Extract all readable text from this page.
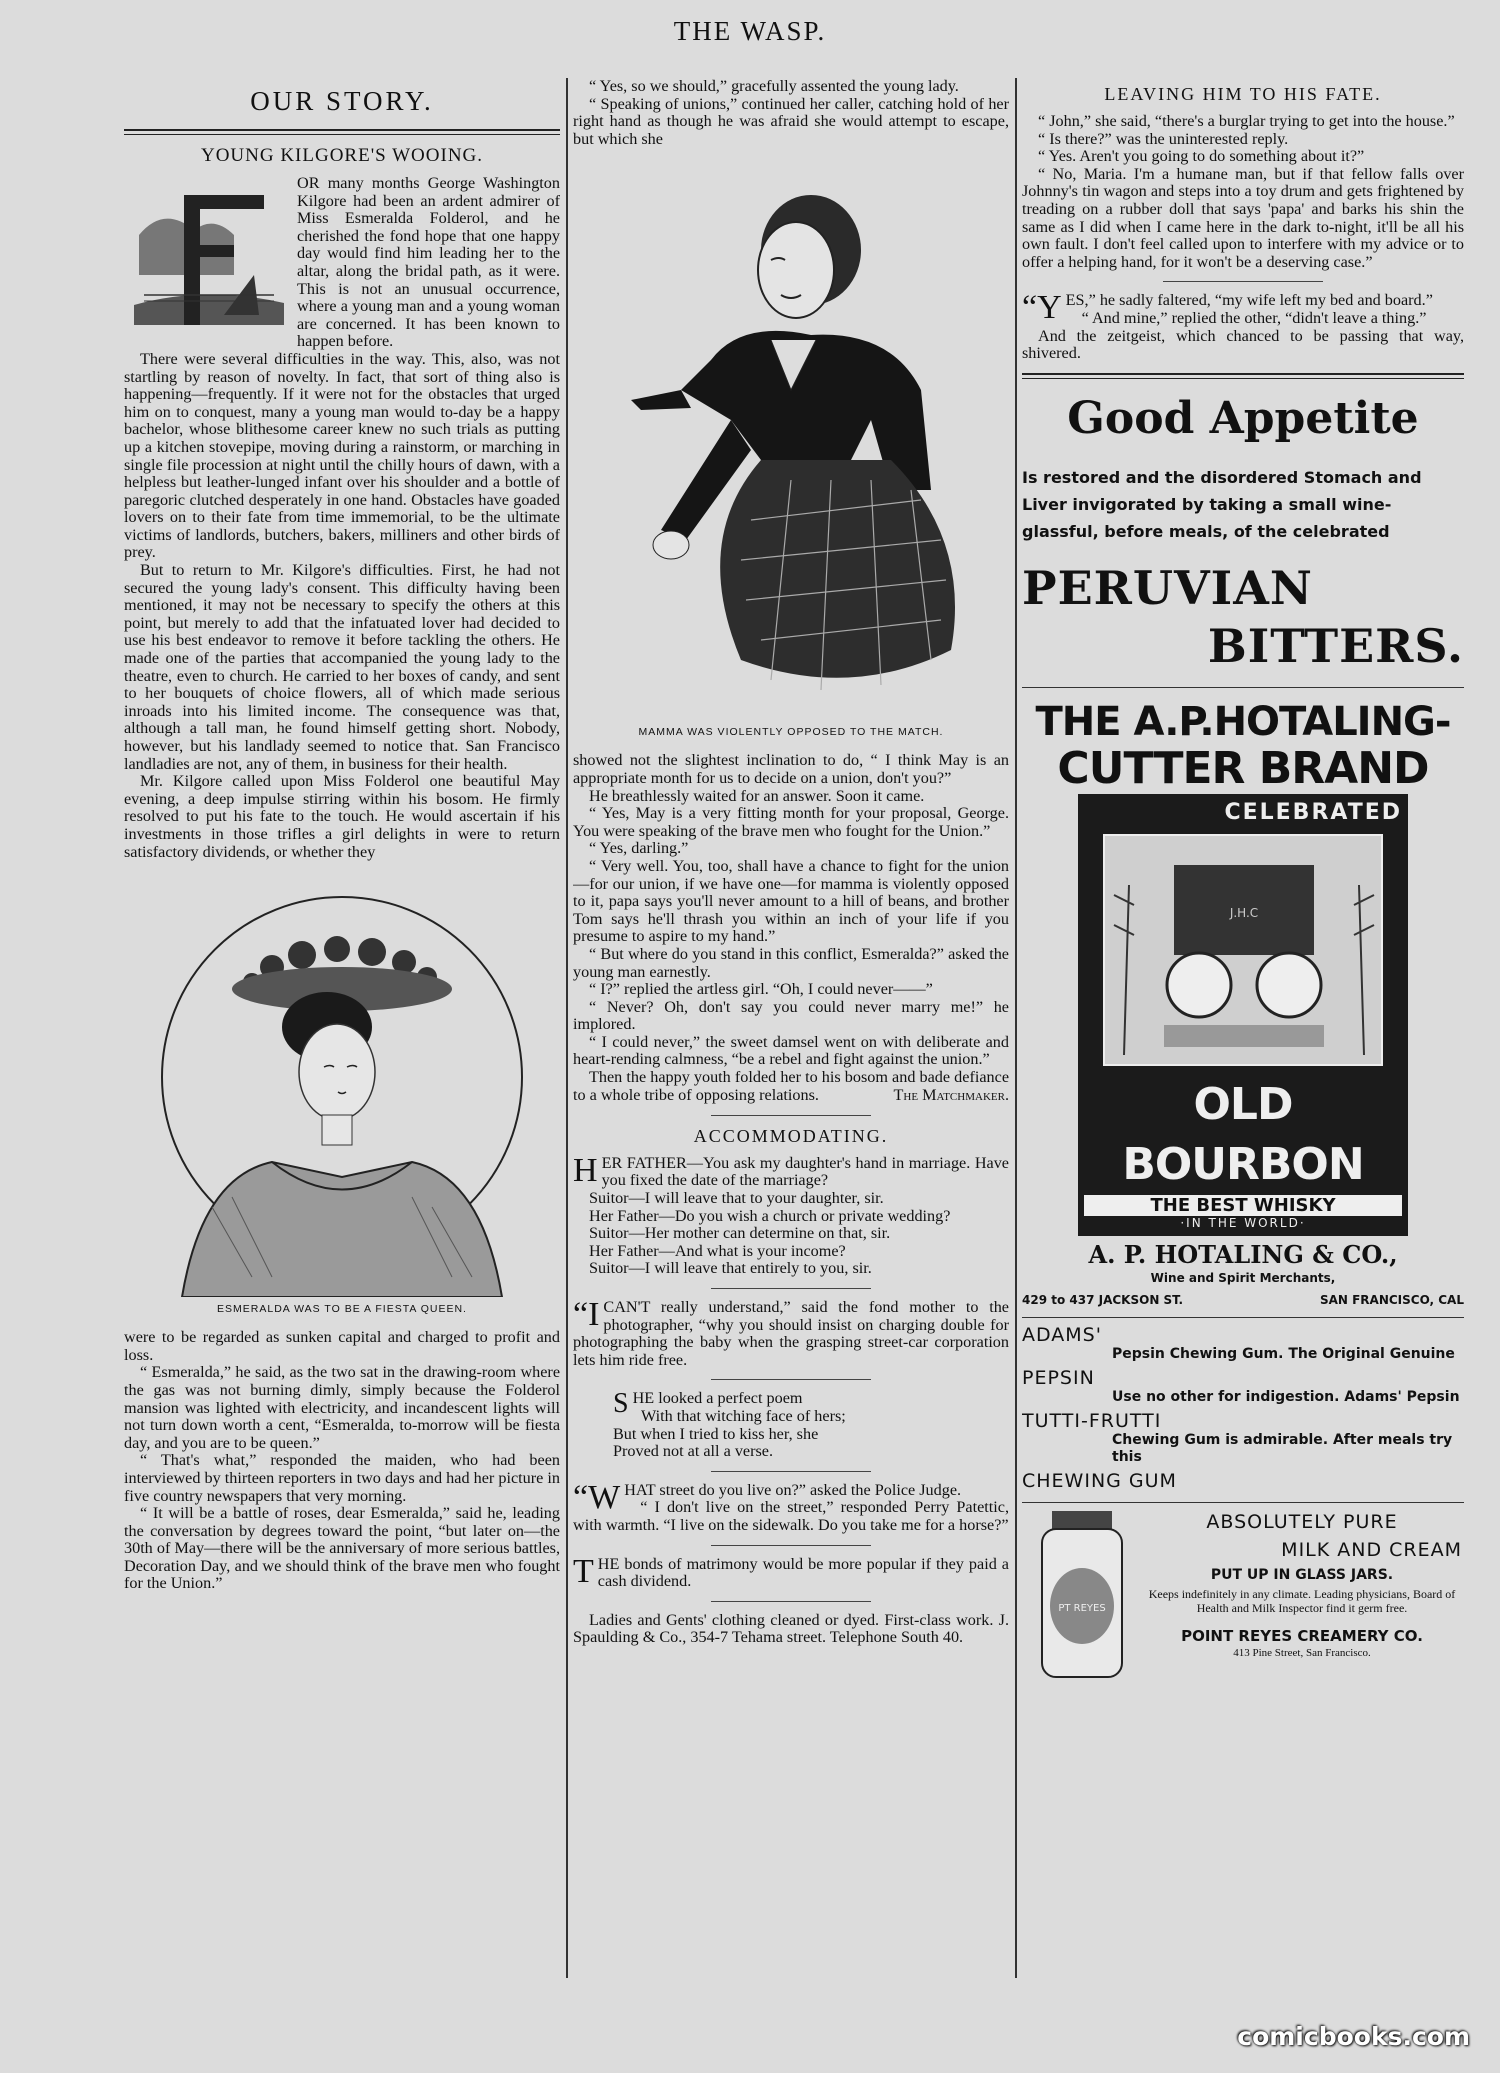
THE WASP.
OUR STORY.
YOUNG KILGORE'S WOOING.

OR many months George Washington Kilgore had been an ardent admirer of Miss Esmeralda Folderol, and he cherished the fond hope that one happy day would find him leading her to the altar, along the bridal path, as it were. This is not an unusual occurrence, where a young man and a young woman are concerned. It has been known to happen before.

There were several difficulties in the way. This, also, was not startling by reason of novelty. In fact, that sort of thing also is happening—frequently. If it were not for the obstacles that urged him on to conquest, many a young man would to-day be a happy bachelor, whose blithesome career knew no such trials as putting up a kitchen stovepipe, moving during a rainstorm, or marching in single file procession at night until the chilly hours of dawn, with a helpless but leather-lunged infant over his shoulder and a bottle of paregoric clutched desperately in one hand. Obstacles have goaded lovers on to their fate from time immemorial, to be the ultimate victims of landlords, butchers, bakers, milliners and other birds of prey.

But to return to Mr. Kilgore's difficulties. First, he had not secured the young lady's consent. This difficulty having been mentioned, it may not be necessary to specify the others at this point, but merely to add that the infatuated lover had decided to use his best endeavor to remove it before tackling the others. He made one of the parties that accompanied the young lady to the theatre, even to church. He carried to her boxes of candy, and sent to her bouquets of choice flowers, all of which made serious inroads into his limited income. The consequence was that, although a tall man, he found himself getting short. Nobody, however, but his landlady seemed to notice that. San Francisco landladies are not, any of them, in business for their health.

Mr. Kilgore called upon Miss Folderol one beautiful May evening, a deep impulse stirring within his bosom. He firmly resolved to put his fate to the touch. He would ascertain if his investments in those trifles a girl delights in were to return satisfactory dividends, or whether they

ESMERALDA WAS TO BE A FIESTA QUEEN.

were to be regarded as sunken capital and charged to profit and loss.

“ Esmeralda,” he said, as the two sat in the drawing-room where the gas was not burning dimly, simply because the Folderol mansion was lighted with electricity, and incandescent lights will not turn down worth a cent, “Esmeralda, to-morrow will be fiesta day, and you are to be queen.”

“ That's what,” responded the maiden, who had been interviewed by thirteen reporters in two days and had her picture in five country newspapers that very morning.

“ It will be a battle of roses, dear Esmeralda,” said he, leading the conversation by degrees toward the point, “but later on—the 30th of May—there will be the anniversary of more serious battles, Decoration Day, and we should think of the brave men who fought for the Union.”

“ Yes, so we should,” gracefully assented the young lady.

“ Speaking of unions,” continued her caller, catching hold of her right hand as though he was afraid she would attempt to escape, but which she

MAMMA WAS VIOLENTLY OPPOSED TO THE MATCH.

showed not the slightest inclination to do, “ I think May is an appropriate month for us to decide on a union, don't you?”

He breathlessly waited for an answer. Soon it came.

“ Yes, May is a very fitting month for your proposal, George. You were speaking of the brave men who fought for the Union.”

“ Yes, darling.”

“ Very well. You, too, shall have a chance to fight for the union—for our union, if we have one—for mamma is violently opposed to it, papa says you'll never amount to a hill of beans, and brother Tom says he'll thrash you within an inch of your life if you presume to aspire to my hand.”

“ But where do you stand in this conflict, Esmeralda?” asked the young man earnestly.

“ I?” replied the artless girl. “Oh, I could never——”

“ Never? Oh, don't say you could never marry me!” he implored.

“ I could never,” the sweet damsel went on with deliberate and heart-rending calmness, “be a rebel and fight against the union.”

Then the happy youth folded her to his bosom and bade defiance to a whole tribe of opposing relations.	The Matchmaker.

ACCOMMODATING.

HER FATHER—You ask my daughter's hand in marriage. Have you fixed the date of the marriage?

Suitor—I will leave that to your daughter, sir.

Her Father—Do you wish a church or private wedding?

Suitor—Her mother can determine on that, sir.

Her Father—And what is your income?

Suitor—I will leave that entirely to you, sir.

“I CAN'T really understand,” said the fond mother to the photographer, “why you should insist on charging double for photographing the baby when the grasping street-car corporation lets him ride free.

SHE looked a perfect poem
With that witching face of hers;
But when I tried to kiss her, she
Proved not at all a verse.

“WHAT street do you live on?” asked the Police Judge.

“ I don't live on the street,” responded Perry Patettic, with warmth. “I live on the sidewalk. Do you take me for a horse?”

THE bonds of matrimony would be more popular if they paid a cash dividend.

Ladies and Gents' clothing cleaned or dyed. First-class work. J. Spaulding & Co., 354-7 Tehama street. Telephone South 40.

LEAVING HIM TO HIS FATE.

“ John,” she said, “there's a burglar trying to get into the house.”

“ Is there?” was the uninterested reply.

“ Yes. Aren't you going to do something about it?”

“ No, Maria. I'm a humane man, but if that fellow falls over Johnny's tin wagon and steps into a toy drum and gets frightened by treading on a rubber doll that says 'papa' and barks his shin the same as I did when I came here in the dark to-night, it'll be all his own fault. I don't feel called upon to interfere with my advice or to offer a helping hand, for it won't be a deserving case.”

“YES,” he sadly faltered, “my wife left my bed and board.”

“ And mine,” replied the other, “didn't leave a thing.”

And the zeitgeist, which chanced to be passing that way, shivered.

Good Appetite
Is restored and the disordered Stomach and Liver invigorated by taking a small wine-glassful, before meals, of the celebrated
PERUVIAN
BITTERS.
THE A.P.HOTALING-
CUTTER BRAND
CELEBRATED
J.H.C
OLD BOURBON
THE BEST WHISKY
·IN THE WORLD·
A. P. HOTALING & CO.,
Wine and Spirit Merchants,
429 to 437 JACKSON ST.	SAN FRANCISCO, CAL
ADAMS'
Pepsin Chewing Gum. The Original Genuine
PEPSIN
Use no other for indigestion. Adams' Pepsin
TUTTI-FRUTTI
Chewing Gum is admirable. After meals try this
CHEWING GUM
PT REYES
ABSOLUTELY PURE
MILK AND CREAM
PUT UP IN GLASS JARS.
Keeps indefinitely in any climate. Leading physicians, Board of Health and Milk Inspector find it germ free.
POINT REYES CREAMERY CO.
413 Pine Street, San Francisco.
comicbooks.com
